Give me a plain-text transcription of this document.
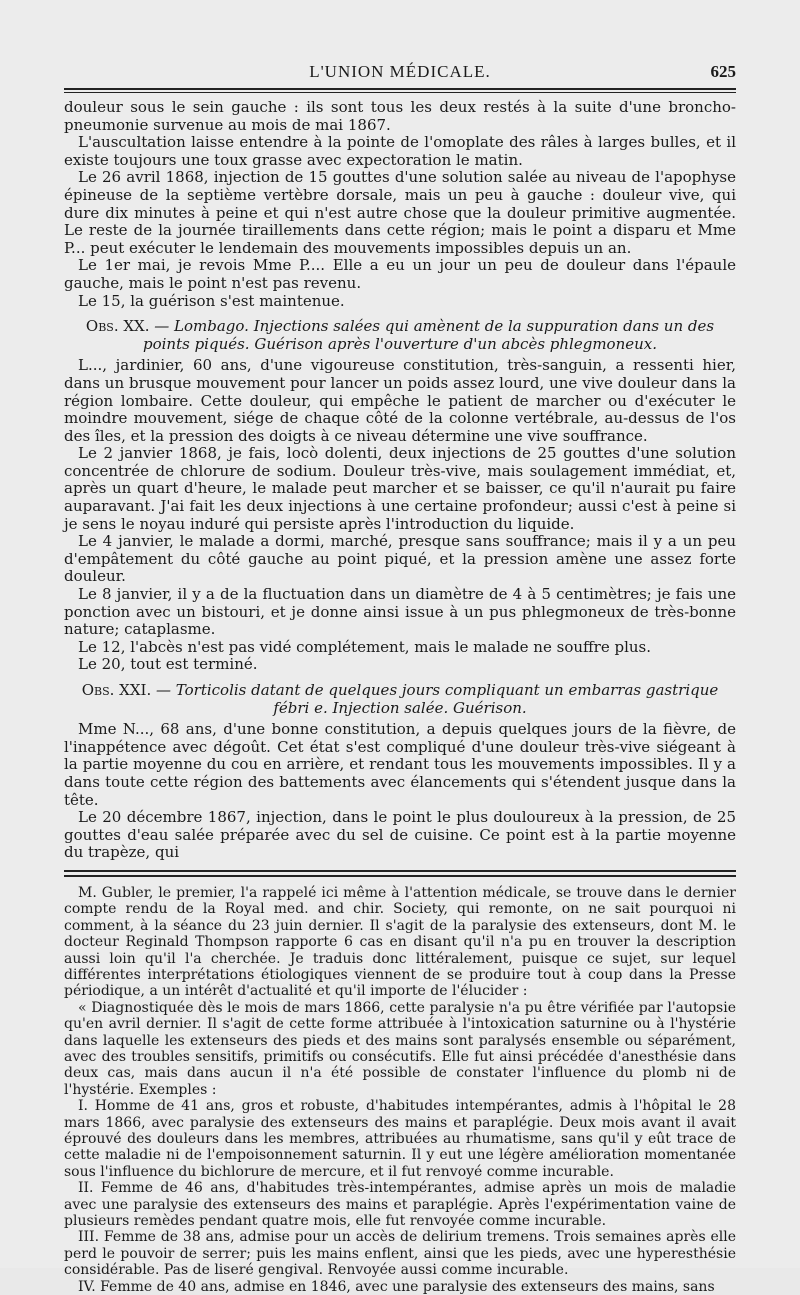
L'UNION MÉDICALE.	625

douleur sous le sein gauche : ils sont tous les deux restés à la suite d'une broncho-pneumonie survenue au mois de mai 1867.

L'auscultation laisse entendre à la pointe de l'omoplate des râles à larges bulles, et il existe toujours une toux grasse avec expectoration le matin.

Le 26 avril 1868, injection de 15 gouttes d'une solution salée au niveau de l'apophyse épineuse de la septième vertèbre dorsale, mais un peu à gauche : douleur vive, qui dure dix minutes à peine et qui n'est autre chose que la douleur primitive augmentée. Le reste de la journée tiraillements dans cette région; mais le point a disparu et Mme P... peut exécuter le lendemain des mouvements impossibles depuis un an.

Le 1er mai, je revois Mme P.... Elle a eu un jour un peu de douleur dans l'épaule gauche, mais le point n'est pas revenu.

Le 15, la guérison s'est maintenue.

Obs. XX. — Lombago. Injections salées qui amènent de la suppuration dans un des points piqués. Guérison après l'ouverture d'un abcès phlegmoneux.

L..., jardinier, 60 ans, d'une vigoureuse constitution, très-sanguin, a ressenti hier, dans un brusque mouvement pour lancer un poids assez lourd, une vive douleur dans la région lombaire. Cette douleur, qui empêche le patient de marcher ou d'exécuter le moindre mouvement, siége de chaque côté de la colonne vertébrale, au-dessus de l'os des îles, et la pression des doigts à ce niveau détermine une vive souffrance.

Le 2 janvier 1868, je fais, locò dolenti, deux injections de 25 gouttes d'une solution concentrée de chlorure de sodium. Douleur très-vive, mais soulagement immédiat, et, après un quart d'heure, le malade peut marcher et se baisser, ce qu'il n'aurait pu faire auparavant. J'ai fait les deux injections à une certaine profondeur; aussi c'est à peine si je sens le noyau induré qui persiste après l'introduction du liquide.

Le 4 janvier, le malade a dormi, marché, presque sans souffrance; mais il y a un peu d'empâtement du côté gauche au point piqué, et la pression amène une assez forte douleur.

Le 8 janvier, il y a de la fluctuation dans un diamètre de 4 à 5 centimètres; je fais une ponction avec un bistouri, et je donne ainsi issue à un pus phlegmoneux de très-bonne nature; cataplasme.

Le 12, l'abcès n'est pas vidé complétement, mais le malade ne souffre plus.

Le 20, tout est terminé.

Obs. XXI. — Torticolis datant de quelques jours compliquant un embarras gastrique fébri e. Injection salée. Guérison.

Mme N..., 68 ans, d'une bonne constitution, a depuis quelques jours de la fièvre, de l'inappétence avec dégoût. Cet état s'est compliqué d'une douleur très-vive siégeant à la partie moyenne du cou en arrière, et rendant tous les mouvements impossibles. Il y a dans toute cette région des battements avec élancements qui s'étendent jusque dans la tête.

Le 20 décembre 1867, injection, dans le point le plus douloureux à la pression, de 25 gouttes d'eau salée préparée avec du sel de cuisine. Ce point est à la partie moyenne du trapèze, qui

M. Gubler, le premier, l'a rappelé ici même à l'attention médicale, se trouve dans le dernier compte rendu de la Royal med. and chir. Society, qui remonte, on ne sait pourquoi ni comment, à la séance du 23 juin dernier. Il s'agit de la paralysie des extenseurs, dont M. le docteur Reginald Thompson rapporte 6 cas en disant qu'il n'a pu en trouver la description aussi loin qu'il l'a cherchée. Je traduis donc littéralement, puisque ce sujet, sur lequel différentes interprétations étiologiques viennent de se produire tout à coup dans la Presse périodique, a un intérêt d'actualité et qu'il importe de l'élucider :

« Diagnostiquée dès le mois de mars 1866, cette paralysie n'a pu être vérifiée par l'autopsie qu'en avril dernier. Il s'agit de cette forme attribuée à l'intoxication saturnine ou à l'hystérie dans laquelle les extenseurs des pieds et des mains sont paralysés ensemble ou séparément, avec des troubles sensitifs, primitifs ou consécutifs. Elle fut ainsi précédée d'anesthésie dans deux cas, mais dans aucun il n'a été possible de constater l'influence du plomb ni de l'hystérie. Exemples :

I. Homme de 41 ans, gros et robuste, d'habitudes intempérantes, admis à l'hôpital le 28 mars 1866, avec paralysie des extenseurs des mains et paraplégie. Deux mois avant il avait éprouvé des douleurs dans les membres, attribuées au rhumatisme, sans qu'il y eût trace de cette maladie ni de l'empoisonnement saturnin. Il y eut une légère amélioration momentanée sous l'influence du bichlorure de mercure, et il fut renvoyé comme incurable.

II. Femme de 46 ans, d'habitudes très-intempérantes, admise après un mois de maladie avec une paralysie des extenseurs des mains et paraplégie. Après l'expérimentation vaine de plusieurs remèdes pendant quatre mois, elle fut renvoyée comme incurable.

III. Femme de 38 ans, admise pour un accès de delirium tremens. Trois semaines après elle perd le pouvoir de serrer; puis les mains enflent, ainsi que les pieds, avec une hyperesthésie considérable. Pas de liseré gengival. Renvoyée aussi comme incurable.

IV. Femme de 40 ans, admise en 1846, avec une paralysie des extenseurs des mains, sans
